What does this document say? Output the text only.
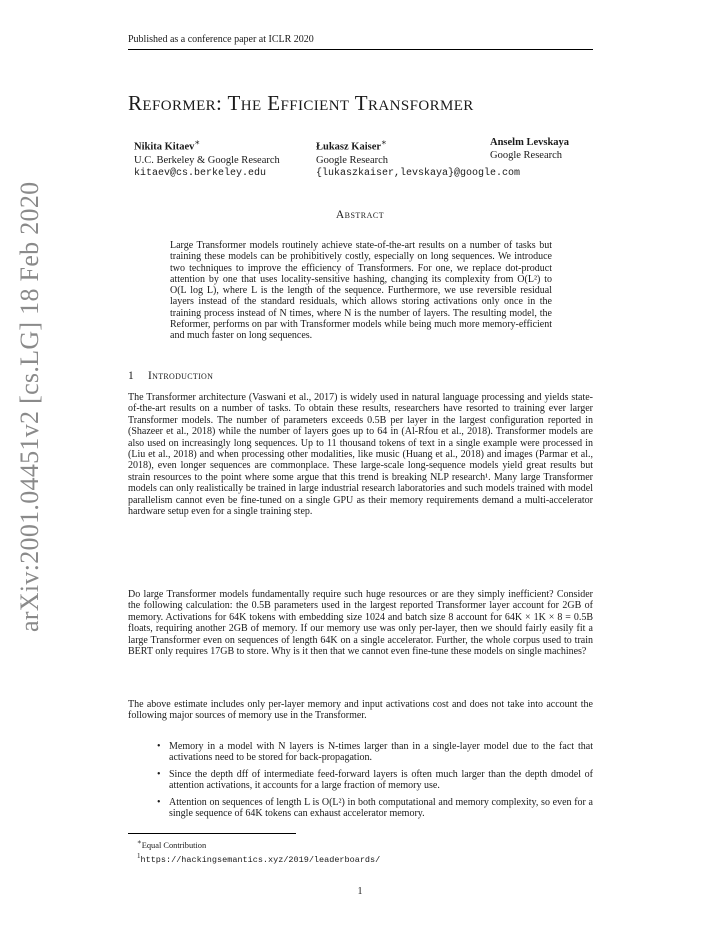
Published as a conference paper at ICLR 2020
arXiv:2001.04451v2 [cs.LG] 18 Feb 2020
Reformer: The Efficient Transformer
Nikita Kitaev∗
U.C. Berkeley & Google Research
kitaev@cs.berkeley.edu
Łukasz Kaiser∗
Google Research
{lukaszkaiser,levskaya}@google.com
Anselm Levskaya
Google Research
Abstract

Large Transformer models routinely achieve state-of-the-art results on a number of tasks but training these models can be prohibitively costly, especially on long sequences. We introduce two techniques to improve the efficiency of Transformers. For one, we replace dot-product attention by one that uses locality-sensitive hashing, changing its complexity from O(L²) to O(L log L), where L is the length of the sequence. Furthermore, we use reversible residual layers instead of the standard residuals, which allows storing activations only once in the training process instead of N times, where N is the number of layers. The resulting model, the Reformer, performs on par with Transformer models while being much more memory-efficient and much faster on long sequences.

1 Introduction

The Transformer architecture (Vaswani et al., 2017) is widely used in natural language processing and yields state-of-the-art results on a number of tasks. To obtain these results, researchers have resorted to training ever larger Transformer models. The number of parameters exceeds 0.5B per layer in the largest configuration reported in (Shazeer et al., 2018) while the number of layers goes up to 64 in (Al-Rfou et al., 2018). Transformer models are also used on increasingly long sequences. Up to 11 thousand tokens of text in a single example were processed in (Liu et al., 2018) and when processing other modalities, like music (Huang et al., 2018) and images (Parmar et al., 2018), even longer sequences are commonplace. These large-scale long-sequence models yield great results but strain resources to the point where some argue that this trend is breaking NLP research¹. Many large Transformer models can only realistically be trained in large industrial research laboratories and such models trained with model parallelism cannot even be fine-tuned on a single GPU as their memory requirements demand a multi-accelerator hardware setup even for a single training step.

Do large Transformer models fundamentally require such huge resources or are they simply inefficient? Consider the following calculation: the 0.5B parameters used in the largest reported Transformer layer account for 2GB of memory. Activations for 64K tokens with embedding size 1024 and batch size 8 account for 64K × 1K × 8 = 0.5B floats, requiring another 2GB of memory. If our memory use was only per-layer, then we should fairly easily fit a large Transformer even on sequences of length 64K on a single accelerator. Further, the whole corpus used to train BERT only requires 17GB to store. Why is it then that we cannot even fine-tune these models on single machines?

The above estimate includes only per-layer memory and input activations cost and does not take into account the following major sources of memory use in the Transformer.

• Memory in a model with N layers is N-times larger than in a single-layer model due to the fact that activations need to be stored for back-propagation.
• Since the depth dff of intermediate feed-forward layers is often much larger than the depth dmodel of attention activations, it accounts for a large fraction of memory use.
• Attention on sequences of length L is O(L²) in both computational and memory complexity, so even for a single sequence of 64K tokens can exhaust accelerator memory.
∗Equal Contribution
$^1$https://hackingsemantics.xyz/2019/leaderboards/
1
